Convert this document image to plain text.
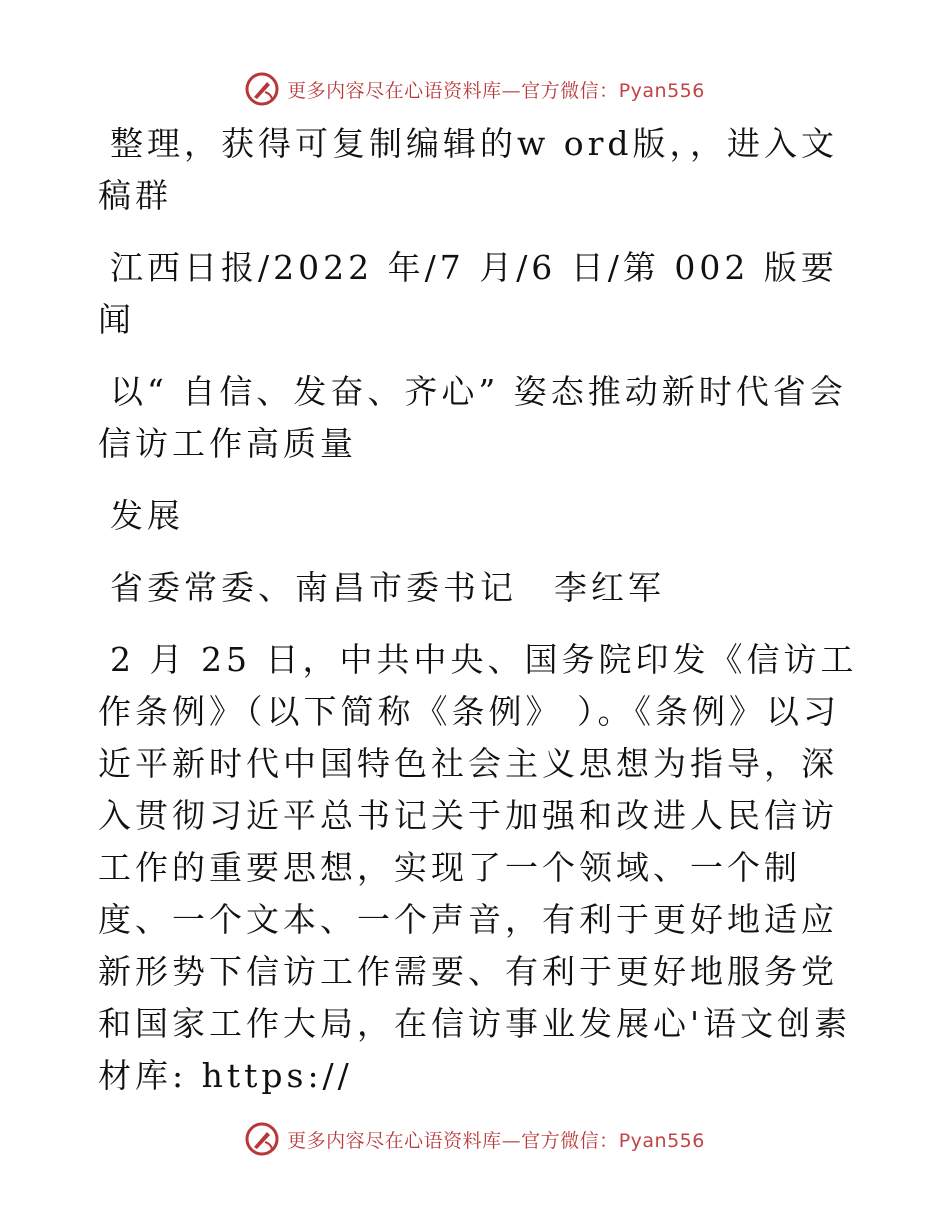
更多内容尽在心语资料库—官方微信：Pyan556

整理，获得可复制编辑的w ord版，，进入文稿群

江西日报/2022 年/7 月/6 日/第 002 版要闻

以“ 自信、发奋、齐心” 姿态推动新时代省会信访工作高质量

发展

省委常委、南昌市委书记　李红军

2 月 25 日，中共中央、国务院印发《信访工作条例》（以下简称《条例》 ）。《条例》以习近平新时代中国特色社会主义思想为指导，深入贯彻习近平总书记关于加强和改进人民信访工作的重要思想，实现了一个领域、一个制度、一个文本、一个声音，有利于更好地适应新形势下信访工作需要、有利于更好地服务党和国家工作大局，在信访事业发展心'语文创素材库: https://

更多内容尽在心语资料库—官方微信：Pyan556
